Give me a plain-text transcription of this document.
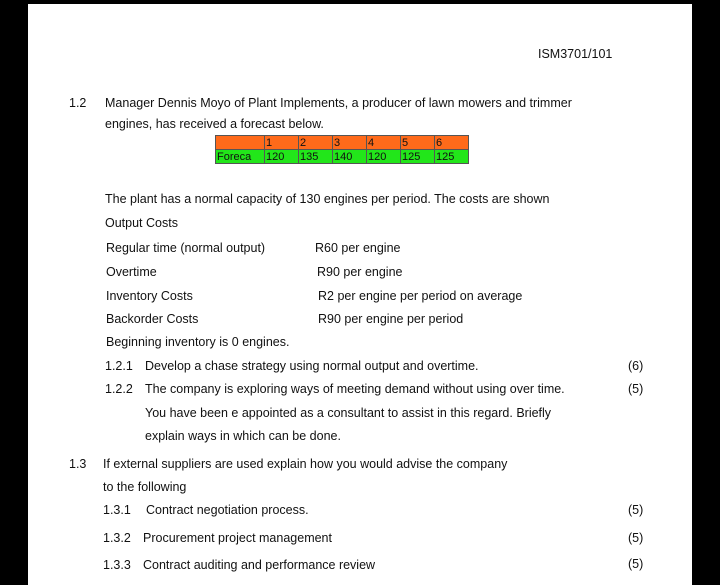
ISM3701/101
1.2 Manager Dennis Moyo of Plant Implements, a producer of lawn mowers and trimmer
engines, has received a forecast below.

	1	2	3	4	5	6

Foreca	120	135	140	120	125	125
The plant has a normal capacity of 130 engines per period. The costs are shown
Output Costs
Regular time (normal output)	R60 per engine
Overtime	R90 per engine
Inventory Costs	R2 per engine per period on average
Backorder Costs	R90 per engine per period
Beginning inventory is 0 engines.
1.2.1 Develop a chase strategy using normal output and overtime.	(6)
1.2.2 The company is exploring ways of meeting demand without using over time.	(5)
You have been e appointed as a consultant to assist in this regard. Briefly
explain ways in which can be done.
1.3 If external suppliers are used explain how you would advise the company
to the following
1.3.1 Contract negotiation process.	(5)
1.3.2 Procurement project management	(5)
1.3.3 Contract auditing and performance review	(5)
